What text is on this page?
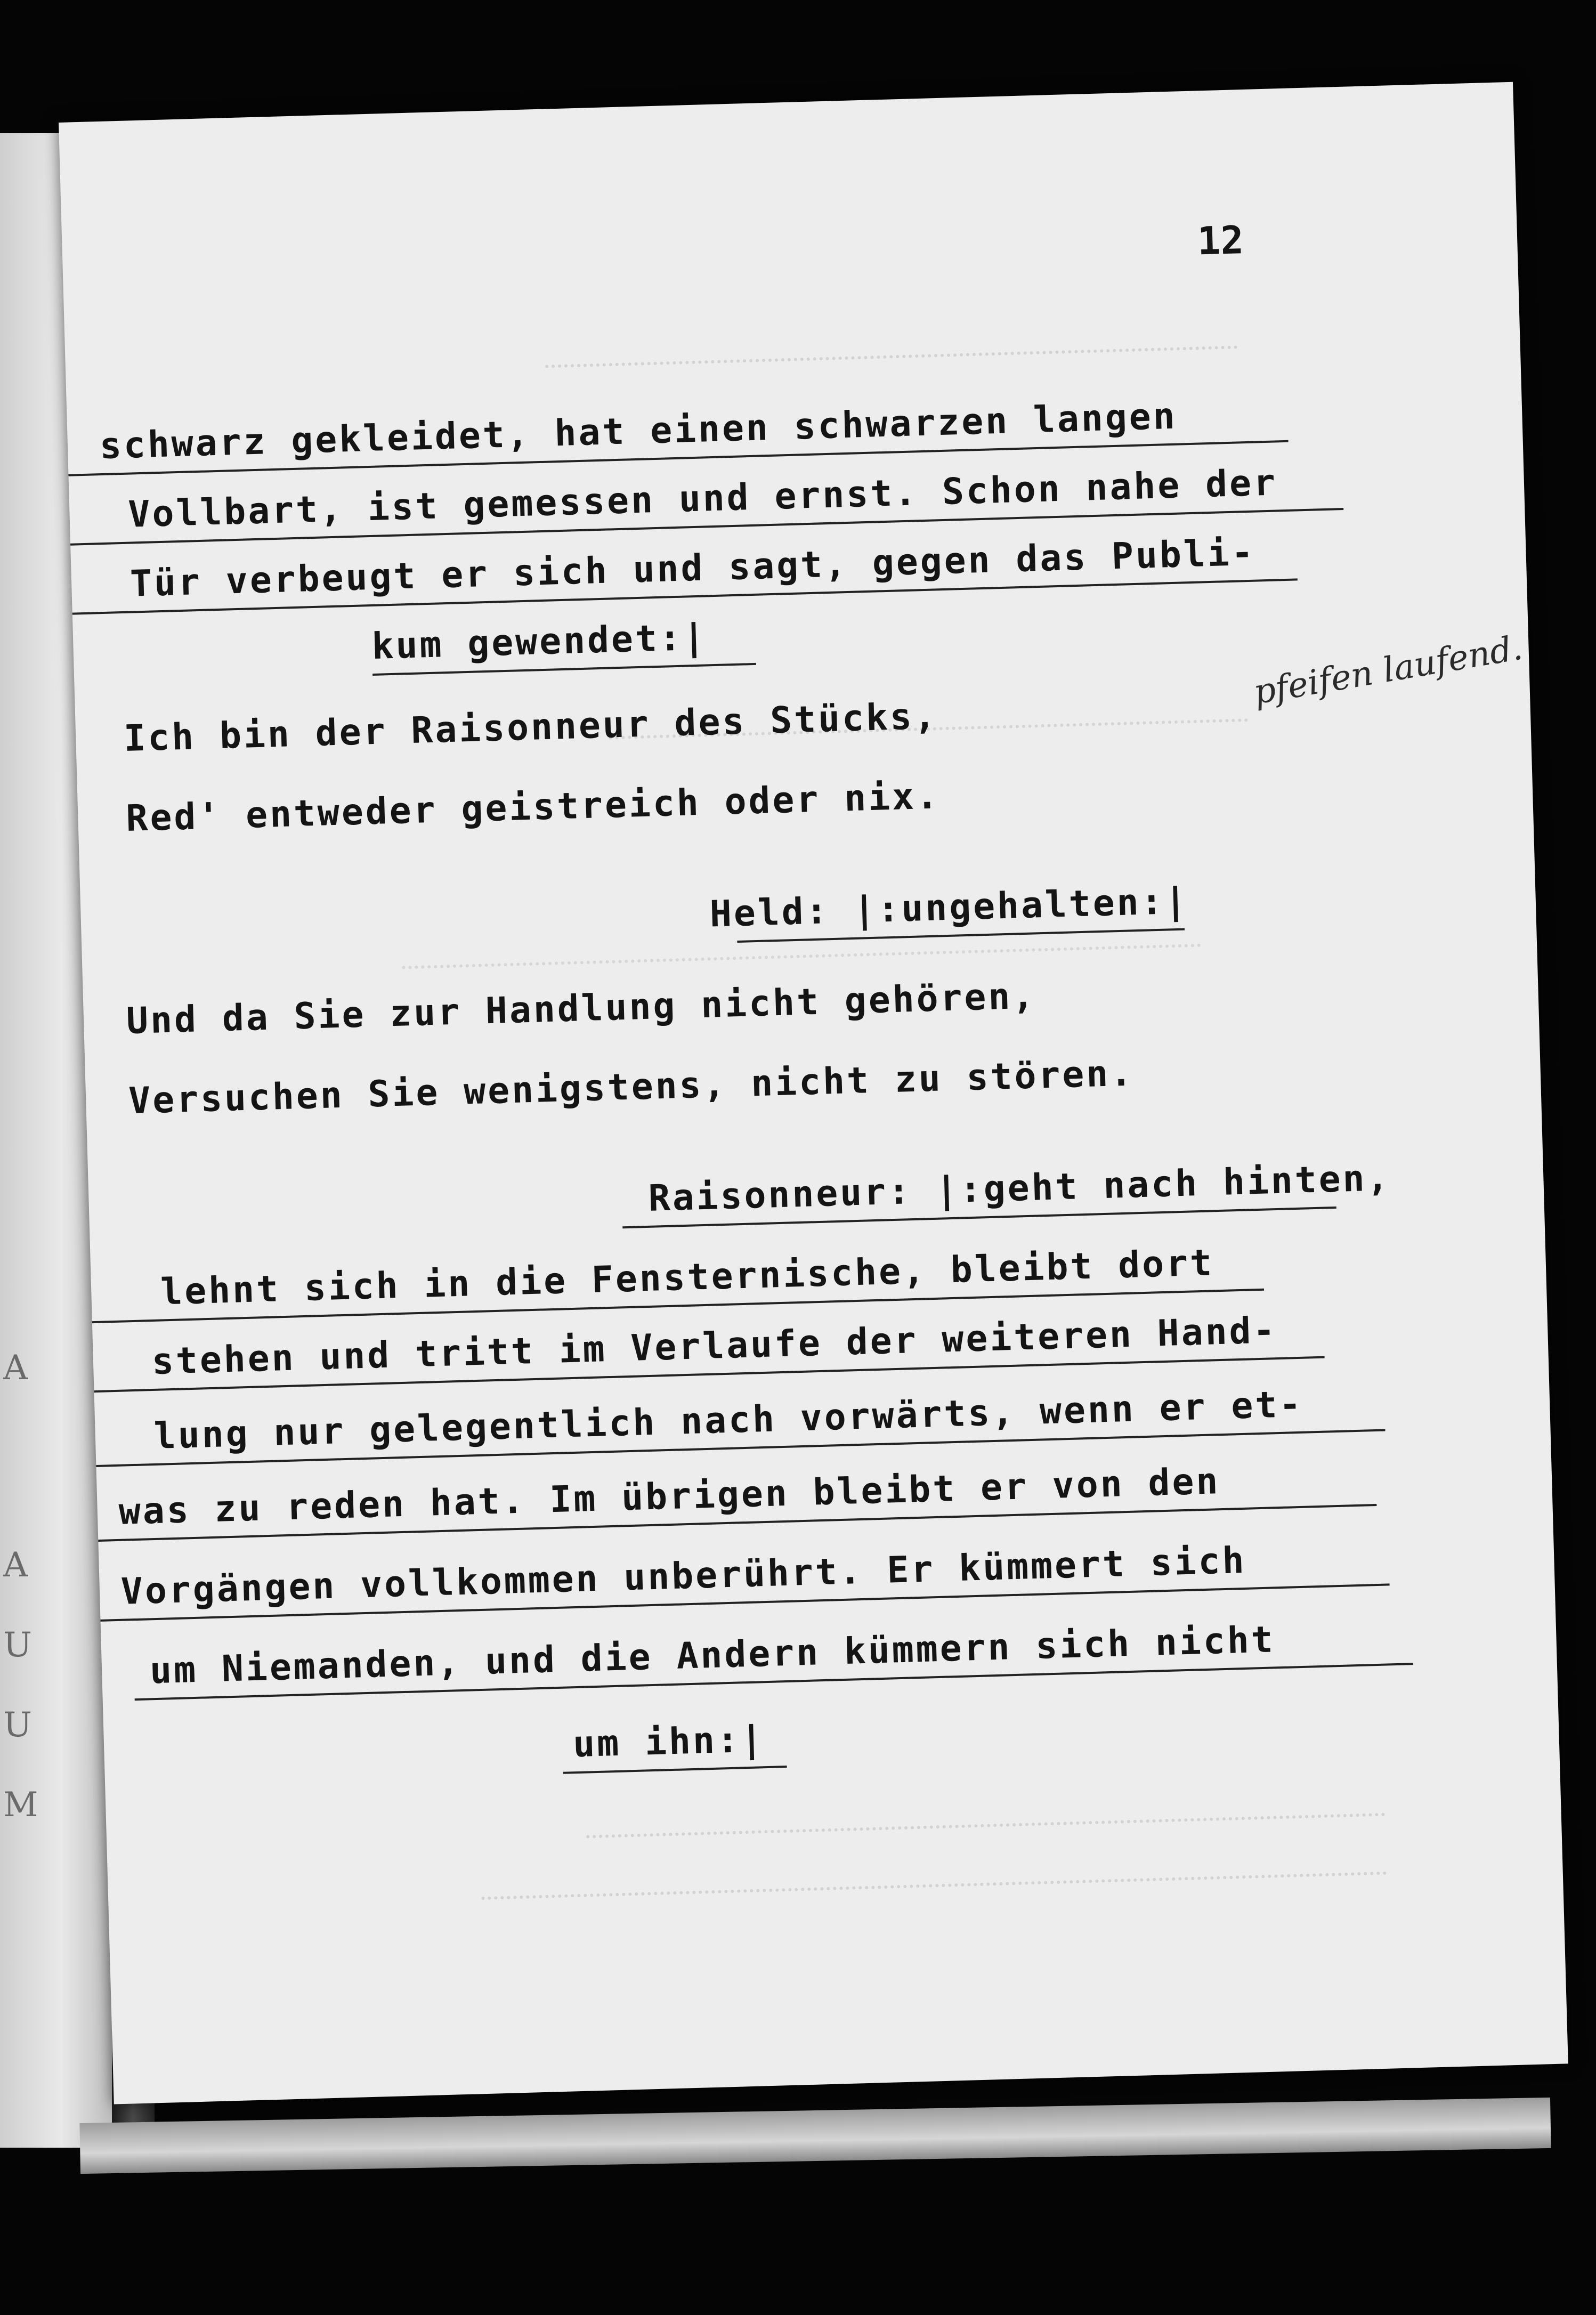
A
A
U
U
M
12
schwarz gekleidet, hat einen schwarzen langen
Vollbart, ist gemessen und ernst. Schon nahe der
Tür verbeugt er sich und sagt, gegen das Publi-
kum gewendet:|	pfeifen laufend.
Ich bin der Raisonneur des Stücks,
Red' entweder geistreich oder nix.
Held: |:ungehalten:|
Und da Sie zur Handlung nicht gehören,
Versuchen Sie wenigstens, nicht zu stören.
Raisonneur: |:geht nach hinten,
lehnt sich in die Fensternische, bleibt dort
stehen und tritt im Verlaufe der weiteren Hand-
lung nur gelegentlich nach vorwärts, wenn er et-
was zu reden hat. Im übrigen bleibt er von den
Vorgängen vollkommen unberührt. Er kümmert sich
um Niemanden, und die Andern kümmern sich nicht
um ihn:|
